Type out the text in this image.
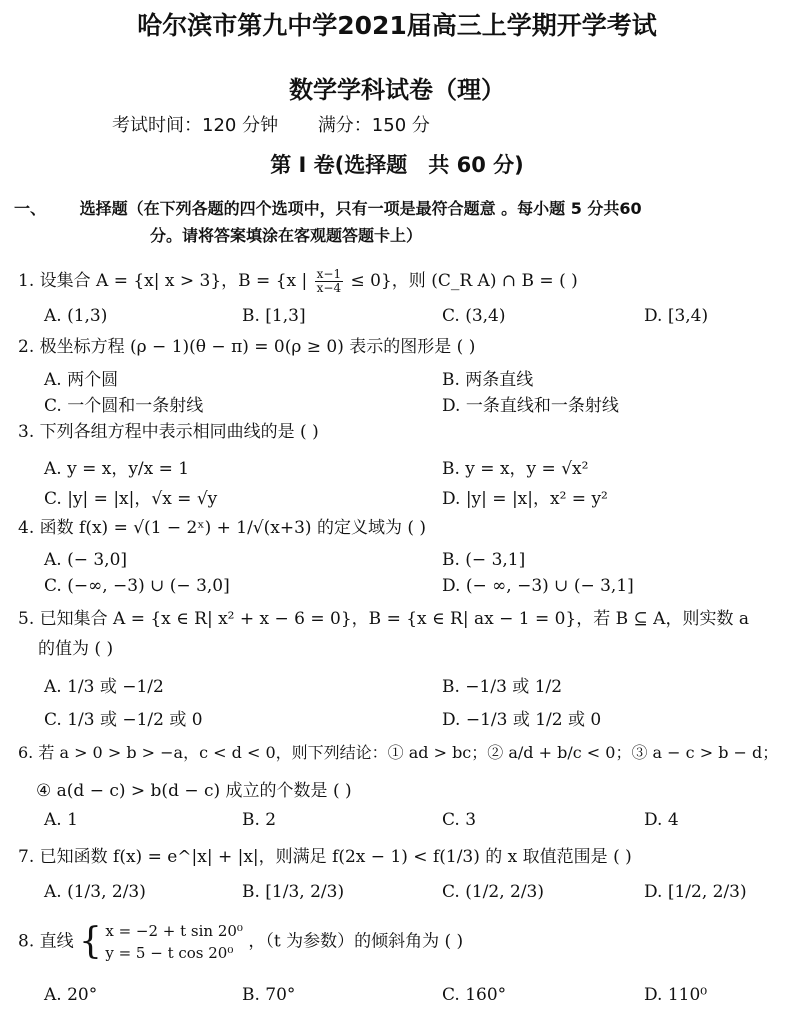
哈尔滨市第九中学2021届高三上学期开学考试
数学学科试卷（理）
考试时间：120 分钟 满分：150 分
第 Ⅰ 卷(选择题　共 60 分)
一、 选择题（在下列各题的四个选项中，只有一项是最符合题意 。每小题 5 分共60
分。请将答案填涂在客观题答题卡上）
1. 设集合 A = {x| x > 3}，B = {x | $\frac{x-1}{x-4} \le 0$}，则 (C_R A) ∩ B = ( )
A. (1,3)	B. [1,3]	C. (3,4)	D. [3,4)
2. 极坐标方程 (ρ − 1)(θ − π) = 0(ρ ≥ 0) 表示的图形是 ( )
A. 两个圆	B. 两条直线
C. 一个圆和一条射线	D. 一条直线和一条射线
3. 下列各组方程中表示相同曲线的是 ( )
A. y = x，y/x = 1	B. y = x，y = √x²
C. |y| = |x|，√x = √y	D. |y| = |x|，x² = y²
4. 函数 f(x) = √(1 − 2ˣ) + 1/√(x+3) 的定义域为 ( )
A. (− 3,0]	B. (− 3,1]
C. (−∞, −3) ∪ (− 3,0]	D. (− ∞, −3) ∪ (− 3,1]
5. 已知集合 A = {x ∈ R| x² + x − 6 = 0}，B = {x ∈ R| ax − 1 = 0}，若 B ⊆ A，则实数 a
的值为 ( )
A. 1/3 或 −1/2	B. −1/3 或 1/2
C. 1/3 或 −1/2 或 0	D. −1/3 或 1/2 或 0
6. 若 a > 0 > b > −a，c < d < 0，则下列结论：① ad > bc；② a/d + b/c < 0；③ a − c > b − d；
④ a(d − c) > b(d − c) 成立的个数是 ( )
A. 1	B. 2	C. 3	D. 4
7. 已知函数 f(x) = e^|x| + |x|，则满足 f(2x − 1) < f(1/3) 的 x 取值范围是 ( )
A. (1/3, 2/3)	B. [1/3, 2/3)	C. (1/2, 2/3)	D. [1/2, 2/3)
8. 直线 { x = −2 + t sin 20⁰
y = 5 − t cos 20⁰
，（t 为参数）的倾斜角为 ( )
A. 20°	B. 70°	C. 160°	D. 110⁰
